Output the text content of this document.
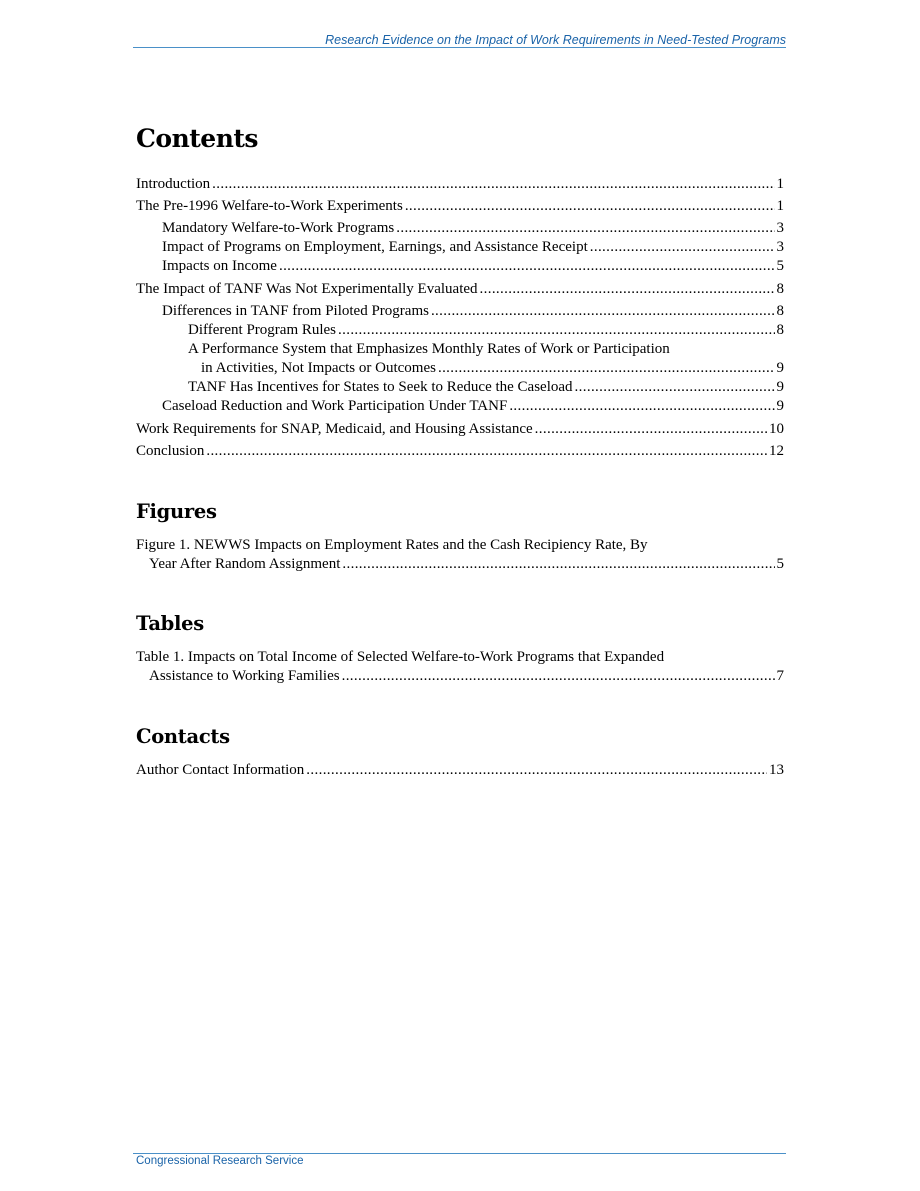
Research Evidence on the Impact of Work Requirements in Need-Tested Programs
Contents
Introduction .....	1
The Pre-1996 Welfare-to-Work Experiments .....	1
Mandatory Welfare-to-Work Programs .....	3
Impact of Programs on Employment, Earnings, and Assistance Receipt .....	3
Impacts on Income .....	5
The Impact of TANF Was Not Experimentally Evaluated .....	8
Differences in TANF from Piloted Programs .....	8
Different Program Rules .....	8
A Performance System that Emphasizes Monthly Rates of Work or Participation
in Activities, Not Impacts or Outcomes .....	9
TANF Has Incentives for States to Seek to Reduce the Caseload .....	9
Caseload Reduction and Work Participation Under TANF .....	9
Work Requirements for SNAP, Medicaid, and Housing Assistance .....	10
Conclusion .....	12
Figures
Figure 1. NEWWS Impacts on Employment Rates and the Cash Recipiency Rate, By
Year After Random Assignment .....	5
Tables
Table 1. Impacts on Total Income of Selected Welfare-to-Work Programs that Expanded
Assistance to Working Families .....	7
Contacts
Author Contact Information .....	13
Congressional Research Service
